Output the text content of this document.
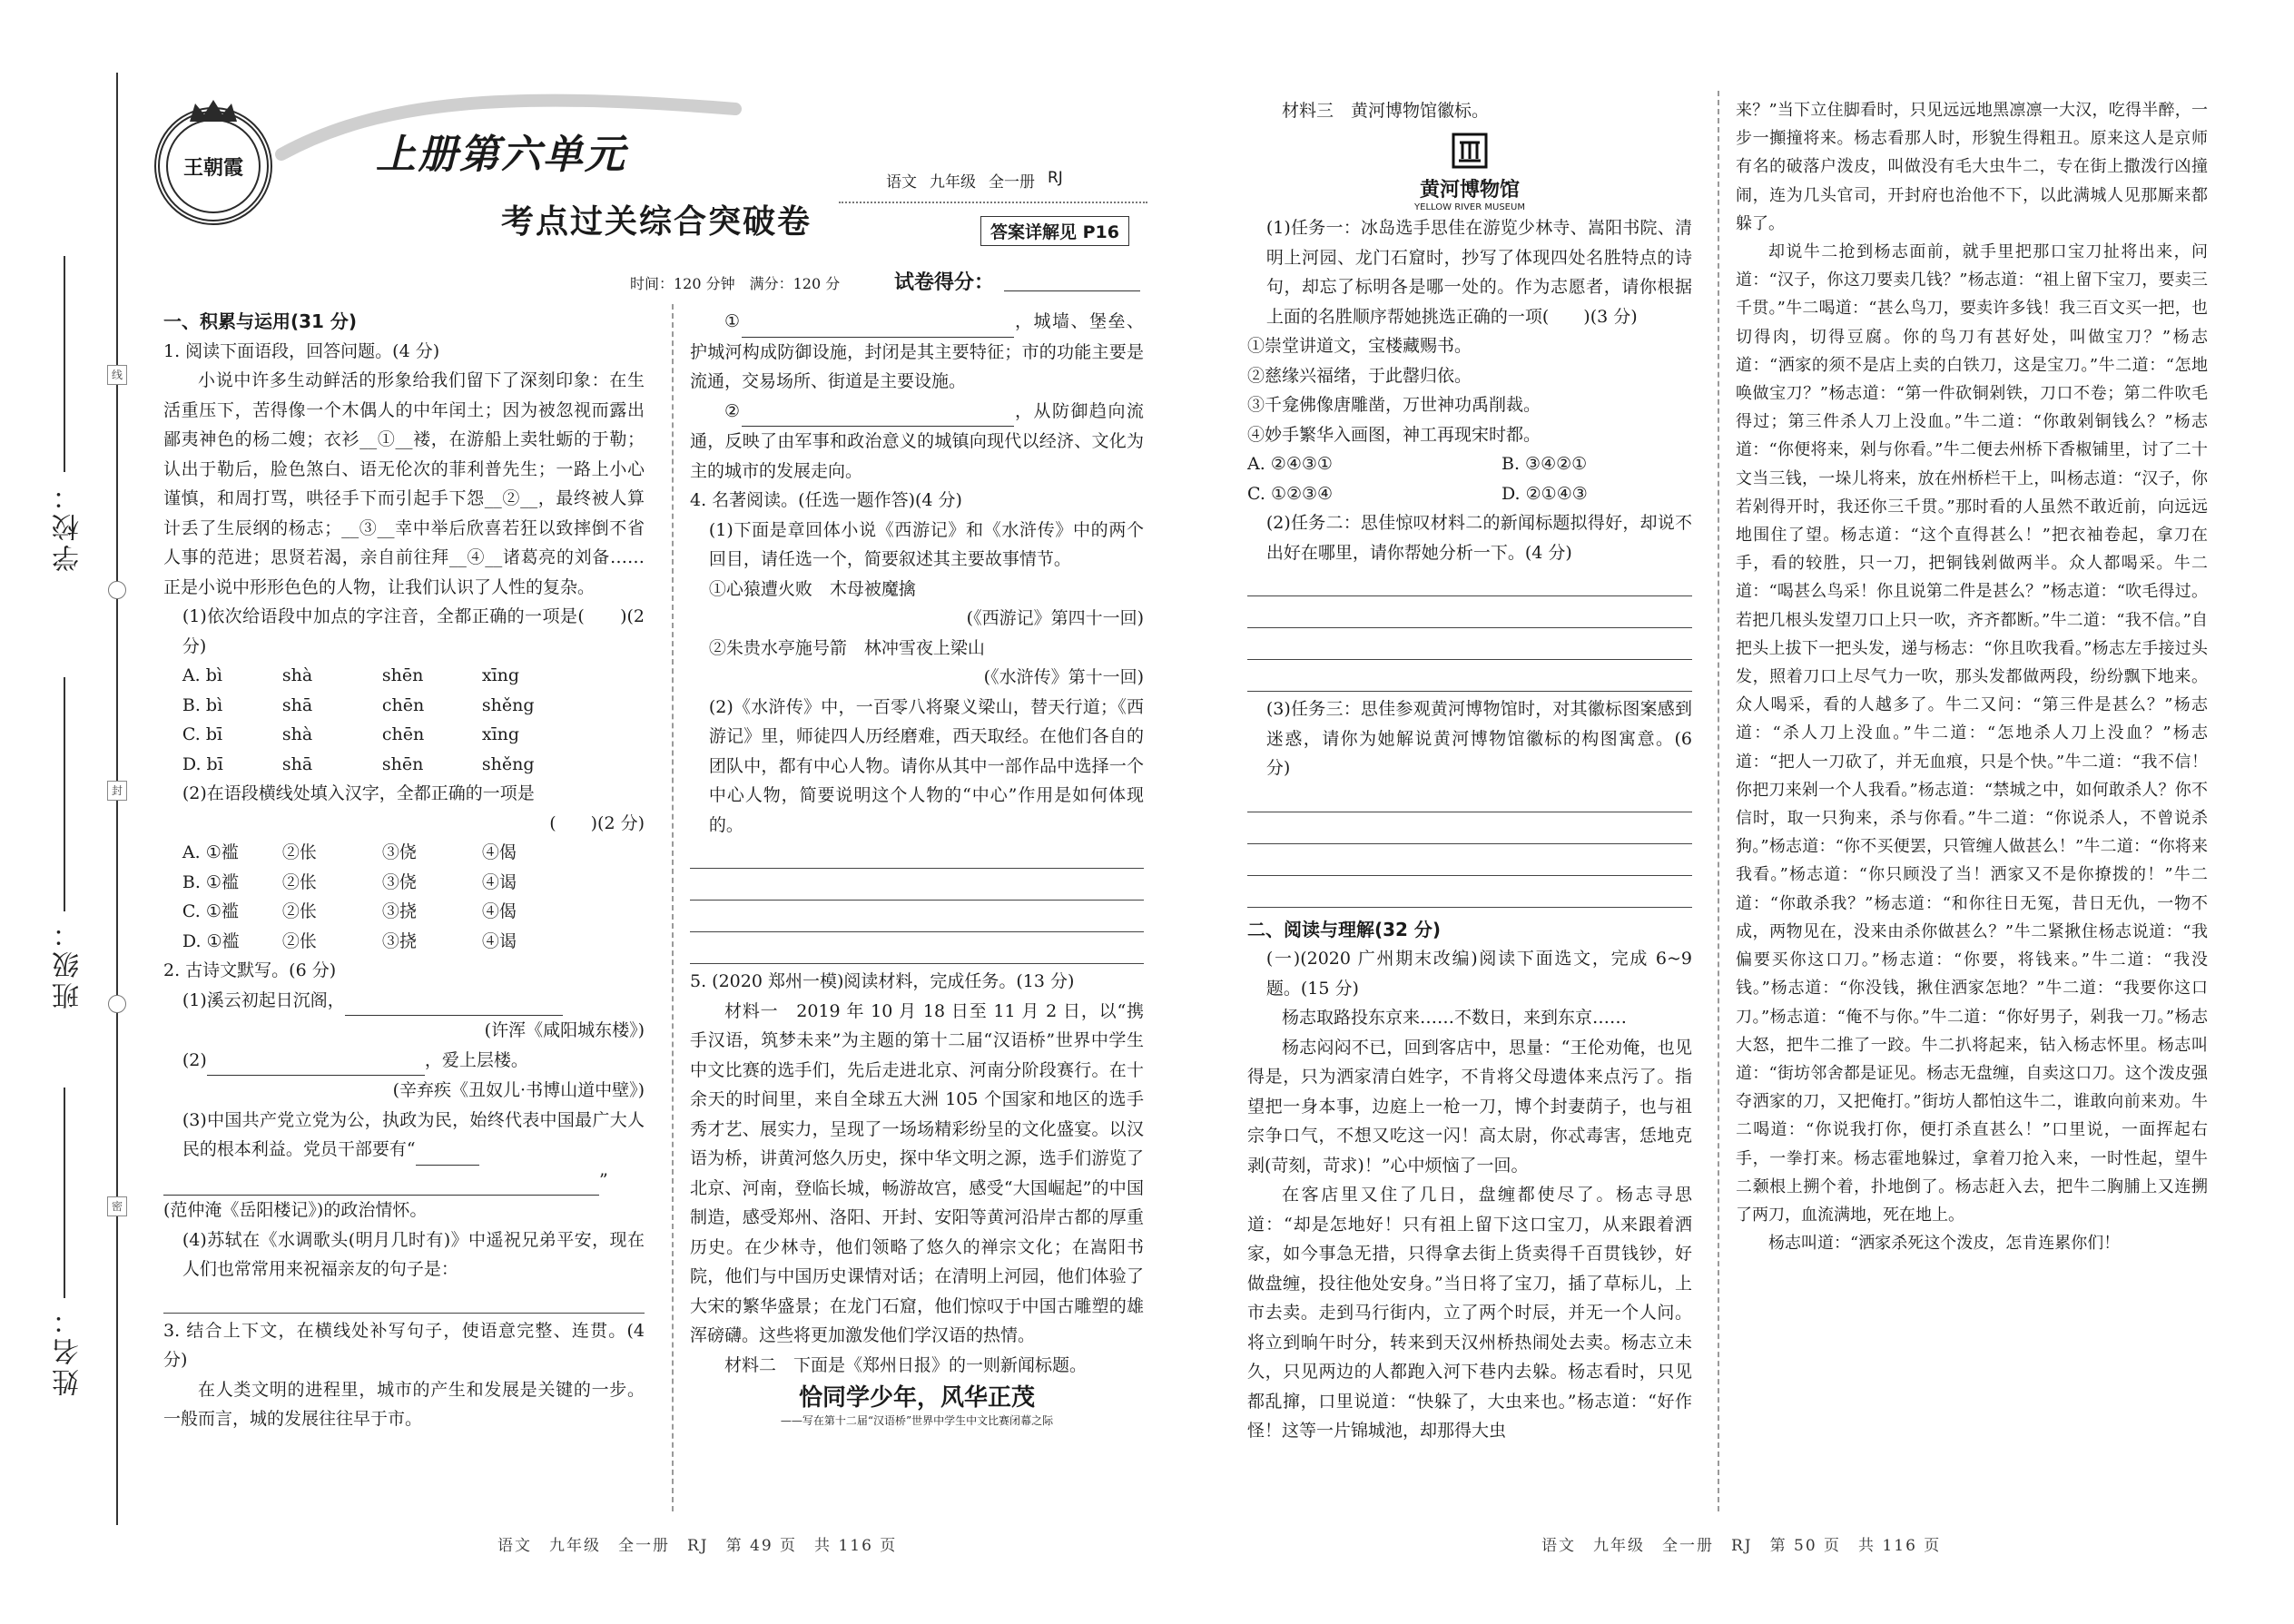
线
封
密
学校：
班级：
姓名：
王朝霞	上册第六单元
考点过关综合突破卷
语文 九年级 全一册 RJ
答案详解见 P16
时间：120 分钟　满分：120 分	试卷得分：

一、积累与运用(31 分)

1. 阅读下面语段，回答问题。(4 分)

小说中许多生动鲜活的形象给我们留下了深刻印象：在生活重压下，苦得像一个木偶人的中年闰土；因为被忽视而露出鄙夷神色的杨二嫂；衣衫__①__褛，在游船上卖牡蛎的于勒；认出于勒后，脸色煞白、语无伦次的菲利普先生；一路上小心谨慎，和周打骂，哄径手下而引起手下怨__②__，最终被人算计丢了生辰纲的杨志；__③__幸中举后欣喜若狂以致摔倒不省人事的范进；思贤若渴，亲自前往拜__④__诸葛亮的刘备……正是小说中形形色色的人物，让我们认识了人性的复杂。

(1)依次给语段中加点的字注音，全都正确的一项是(　　)(2 分)

A. bì	shà	shēn	xīng
B. bì	shā	chēn	shěng
C. bī	shà	chēn	xīng
D. bī	shā	shēn	shěng

(2)在语段横线处填入汉字，全都正确的一项是

(　　)(2 分)

A. ①褴	②伥	③侥	④偈
B. ①褴	②伥	③侥	④谒
C. ①褴	②伥	③挠	④偈
D. ①褴	②伥	③挠	④谒

2. 古诗文默写。(6 分)

(1)溪云初起日沉阁，

(许浑《咸阳城东楼》)

(2)	，爱上层楼。

(辛弃疾《丑奴儿·书博山道中壁》)

(3)中国共产党立党为公，执政为民，始终代表中国最广大人民的根本利益。党员干部要有“

”

(范仲淹《岳阳楼记》)的政治情怀。

(4)苏轼在《水调歌头(明月几时有)》中遥祝兄弟平安，现在人们也常常用来祝福亲友的句子是：

3. 结合上下文，在横线处补写句子，使语意完整、连贯。(4 分)

在人类文明的进程里，城市的产生和发展是关键的一步。一般而言，城的发展往往早于市。

①	，城墙、堡垒、护城河构成防御设施，封闭是其主要特征；市的功能主要是流通，交易场所、街道是主要设施。

②	，从防御趋向流通，反映了由军事和政治意义的城镇向现代以经济、文化为主的城市的发展走向。

4. 名著阅读。(任选一题作答)(4 分)

(1)下面是章回体小说《西游记》和《水浒传》中的两个回目，请任选一个，简要叙述其主要故事情节。

①心猿遭火败　木母被魔擒

(《西游记》第四十一回)

②朱贵水亭施号箭　林冲雪夜上梁山

(《水浒传》第十一回)

(2)《水浒传》中，一百零八将聚义梁山，替天行道；《西游记》里，师徒四人历经磨难，西天取经。在他们各自的团队中，都有中心人物。请你从其中一部作品中选择一个中心人物，简要说明这个人物的“中心”作用是如何体现的。

5. (2020 郑州一模)阅读材料，完成任务。(13 分)

材料一　2019 年 10 月 18 日至 11 月 2 日，以“携手汉语，筑梦未来”为主题的第十二届“汉语桥”世界中学生中文比赛的选手们，先后走进北京、河南分阶段赛行。在十余天的时间里，来自全球五大洲 105 个国家和地区的选手秀才艺、展实力，呈现了一场场精彩纷呈的文化盛宴。以汉语为桥，讲黄河悠久历史，探中华文明之源，选手们游览了北京、河南，登临长城，畅游故宫，感受“大国崛起”的中国制造，感受郑州、洛阳、开封、安阳等黄河沿岸古都的厚重历史。在少林寺，他们领略了悠久的禅宗文化；在嵩阳书院，他们与中国历史课情对话；在清明上河园，他们体验了大宋的繁华盛景；在龙门石窟，他们惊叹于中国古雕塑的雄浑磅礴。这些将更加激发他们学汉语的热情。

材料二　下面是《郑州日报》的一则新闻标题。

恰同学少年，风华正茂
——写在第十二届“汉语桥”世界中学生中文比赛闭幕之际

材料三　黄河博物馆徽标。

黄河博物馆
YELLOW RIVER MUSEUM

(1)任务一：冰岛选手思佳在游览少林寺、嵩阳书院、清明上河园、龙门石窟时，抄写了体现四处名胜特点的诗句，却忘了标明各是哪一处的。作为志愿者，请你根据上面的名胜顺序帮她挑选正确的一项(　　)(3 分)

①崇堂讲道文，宝楼藏赐书。

②慈缘兴福绪，于此罄归依。

③千龛佛像唐雕凿，万世神功禹削裁。

④妙手繁华入画图，神工再现宋时都。

A. ②④③①	B. ③④②①
C. ①②③④	D. ②①④③

(2)任务二：思佳惊叹材料二的新闻标题拟得好，却说不出好在哪里，请你帮她分析一下。(4 分)

(3)任务三：思佳参观黄河博物馆时，对其徽标图案感到迷惑，请你为她解说黄河博物馆徽标的构图寓意。(6 分)

二、阅读与理解(32 分)

(一)(2020 广州期末改编)阅读下面选文，完成 6~9 题。(15 分)

杨志取路投东京来……不数日，来到东京……

杨志闷闷不已，回到客店中，思量：“王伦劝俺，也见得是，只为洒家清白姓字，不肯将父母遗体来点污了。指望把一身本事，边庭上一枪一刀，博个封妻荫子，也与祖宗争口气，不想又吃这一闪！高太尉，你忒毒害，恁地克剥(苛刻，苛求)！”心中烦恼了一回。

在客店里又住了几日，盘缠都使尽了。杨志寻思道：“却是怎地好！只有祖上留下这口宝刀，从来跟着洒家，如今事急无措，只得拿去街上货卖得千百贯钱钞，好做盘缠，投往他处安身。”当日将了宝刀，插了草标儿，上市去卖。走到马行街内，立了两个时辰，并无一个人问。将立到晌午时分，转来到天汉州桥热闹处去卖。杨志立未久，只见两边的人都跑入河下巷内去躲。杨志看时，只见都乱撺，口里说道：“快躲了，大虫来也。”杨志道：“好作怪！这等一片锦城池，却那得大虫

来？”当下立住脚看时，只见远远地黑凛凛一大汉，吃得半醉，一步一攧撞将来。杨志看那人时，形貌生得粗丑。原来这人是京师有名的破落户泼皮，叫做没有毛大虫牛二，专在街上撒泼行凶撞闹，连为几头官司，开封府也治他不下，以此满城人见那厮来都躲了。

却说牛二抢到杨志面前，就手里把那口宝刀扯将出来，问道：“汉子，你这刀要卖几钱？”杨志道：“祖上留下宝刀，要卖三千贯。”牛二喝道：“甚么鸟刀，要卖许多钱！我三百文买一把，也切得肉，切得豆腐。你的鸟刀有甚好处，叫做宝刀？”杨志道：“洒家的须不是店上卖的白铁刀，这是宝刀。”牛二道：“怎地唤做宝刀？”杨志道：“第一件砍铜剁铁，刀口不卷；第二件吹毛得过；第三件杀人刀上没血。”牛二道：“你敢剁铜钱么？”杨志道：“你便将来，剁与你看。”牛二便去州桥下香椒铺里，讨了二十文当三钱，一垛儿将来，放在州桥栏干上，叫杨志道：“汉子，你若剁得开时，我还你三千贯。”那时看的人虽然不敢近前，向远远地围住了望。杨志道：“这个直得甚么！”把衣袖卷起，拿刀在手，看的较胜，只一刀，把铜钱剁做两半。众人都喝采。牛二道：“喝甚么鸟采！你且说第二件是甚么？”杨志道：“吹毛得过。若把几根头发望刀口上只一吹，齐齐都断。”牛二道：“我不信。”自把头上拔下一把头发，递与杨志：“你且吹我看。”杨志左手接过头发，照着刀口上尽气力一吹，那头发都做两段，纷纷飘下地来。众人喝采，看的人越多了。牛二又问：“第三件是甚么？”杨志道：“杀人刀上没血。”牛二道：“怎地杀人刀上没血？”杨志道：“把人一刀砍了，并无血痕，只是个快。”牛二道：“我不信！你把刀来剁一个人我看。”杨志道：“禁城之中，如何敢杀人？你不信时，取一只狗来，杀与你看。”牛二道：“你说杀人，不曾说杀狗。”杨志道：“你不买便罢，只管缠人做甚么！”牛二道：“你将来我看。”杨志道：“你只顾没了当！洒家又不是你撩拨的！”牛二道：“你敢杀我？”杨志道：“和你往日无冤，昔日无仇，一物不成，两物见在，没来由杀你做甚么？”牛二紧揪住杨志说道：“我偏要买你这口刀。”杨志道：“你要，将钱来。”牛二道：“我没钱。”杨志道：“你没钱，揪住洒家怎地？”牛二道：“我要你这口刀。”杨志道：“俺不与你。”牛二道：“你好男子，剁我一刀。”杨志大怒，把牛二推了一跤。牛二扒将起来，钻入杨志怀里。杨志叫道：“街坊邻舍都是证见。杨志无盘缠，自卖这口刀。这个泼皮强夺洒家的刀，又把俺打。”街坊人都怕这牛二，谁敢向前来劝。牛二喝道：“你说我打你，便打杀直甚么！”口里说，一面挥起右手，一拳打来。杨志霍地躲过，拿着刀抢入来，一时性起，望牛二颡根上搠个着，扑地倒了。杨志赶入去，把牛二胸脯上又连搠了两刀，血流满地，死在地上。

杨志叫道：“洒家杀死这个泼皮，怎肯连累你们！

语文　九年级　全一册　RJ　第 49 页　共 116 页	语文　九年级　全一册　RJ　第 50 页　共 116 页
